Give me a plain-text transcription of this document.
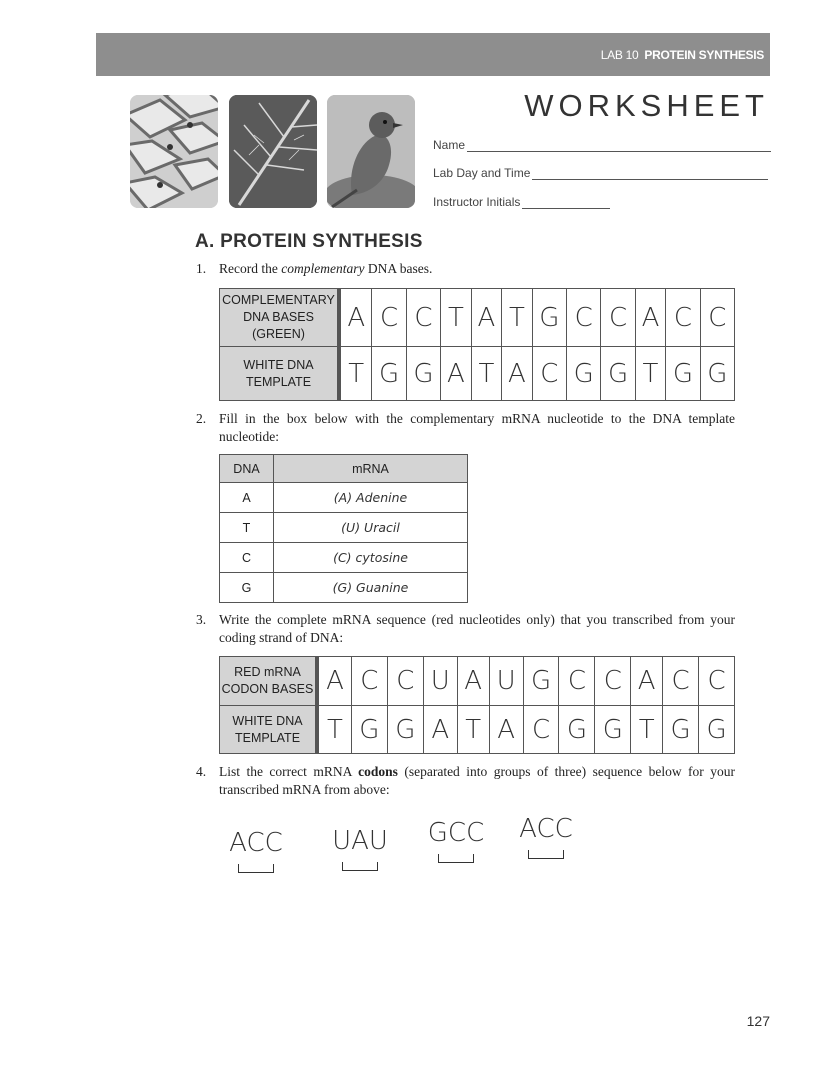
LAB 10 PROTEIN SYNTHESIS
WORKSHEET
Name
Lab Day and Time
Instructor Initials
A. PROTEIN SYNTHESIS
1. Record the complementary DNA bases.
COMPLEMENTARY DNA BASES (GREEN)	A	C	C	T	A	T	G	C	C	A	C	C
WHITE DNA TEMPLATE	T	G	G	A	T	A	C	G	G	T	G	G
2. Fill in the box below with the complementary mRNA nucleotide to the DNA template nucleotide:
DNA	mRNA
A	(A) Adenine
T	(U) Uracil
C	(C) cytosine
G	(G) Guanine
3. Write the complete mRNA sequence (red nucleotides only) that you transcribed from your coding strand of DNA:
RED mRNA CODON BASES	A	C	C	U	A	U	G	C	C	A	C	C
WHITE DNA TEMPLATE	T	G	G	A	T	A	C	G	G	T	G	G
4. List the correct mRNA codons (separated into groups of three) sequence below for your transcribed mRNA from above:
ACC UAU GCC ACC
127
